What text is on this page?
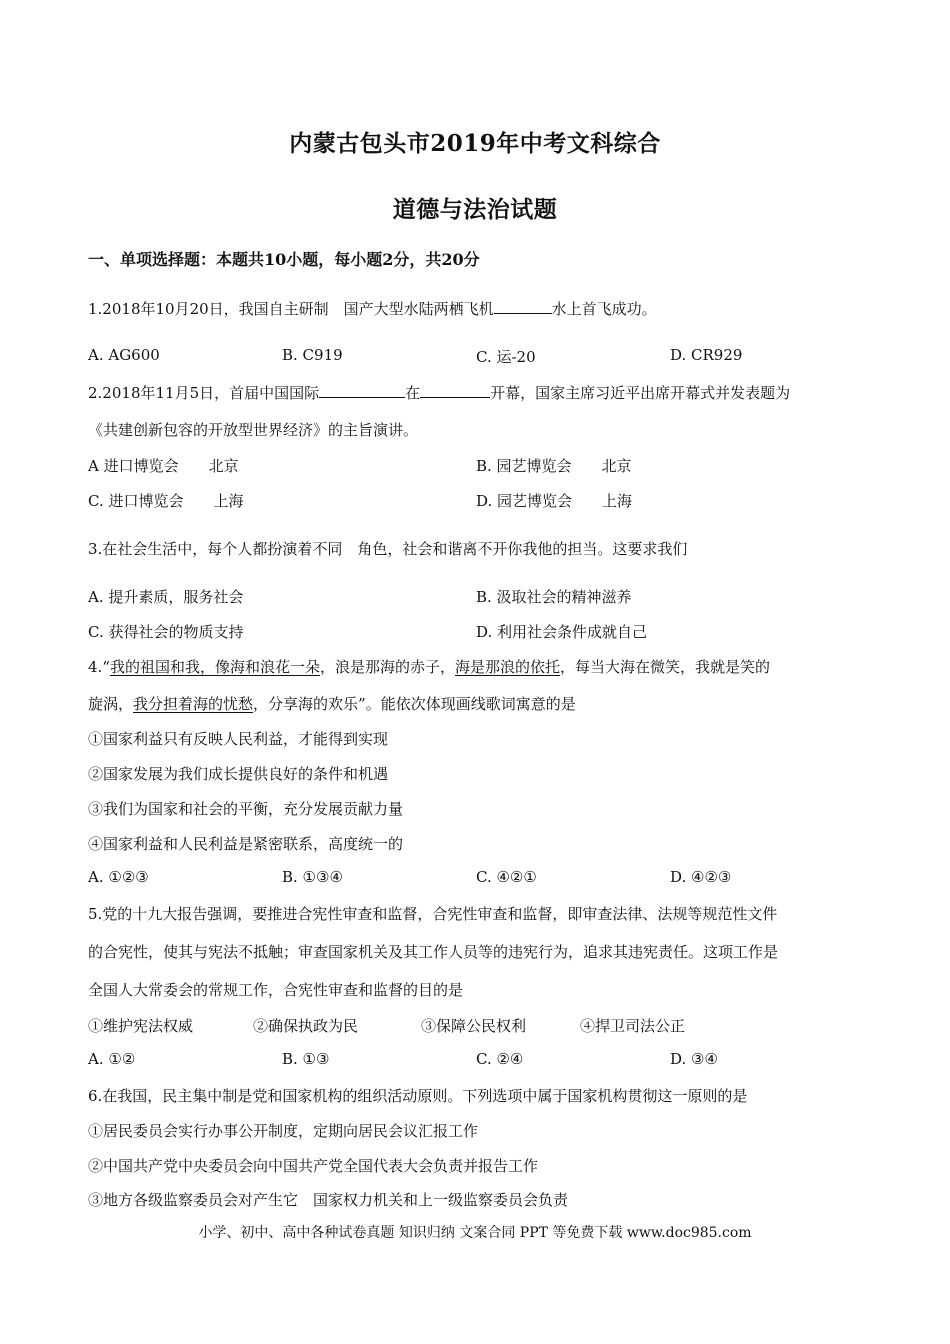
内蒙古包头市2019年中考文科综合
道德与法治试题
一、单项选择题：本题共10小题，每小题2分，共20分
1.2018年10月20日，我国自主研制　国产大型水陆两栖飞机	水上首飞成功。
A. AG600	B. C919	C. 运-20	D. CR929
2.2018年11月5日，首届中国国际	在	开幕，国家主席习近平出席开幕式并发表题为
《共建创新包容的开放型世界经济》的主旨演讲。
A 进口博览会　　北京	B. 园艺博览会　　北京
C. 进口博览会　　上海	D. 园艺博览会　　上海
3.在社会生活中，每个人都扮演着不同　角色，社会和谐离不开你我他的担当。这要求我们
A. 提升素质，服务社会	B. 汲取社会的精神滋养
C. 获得社会的物质支持	D. 利用社会条件成就自己
4.“我的祖国和我，像海和浪花一朵，浪是那海的赤子，海是那浪的依托，每当大海在微笑，我就是笑的
旋涡，我分担着海的忧愁，分享海的欢乐”。能依次体现画线歌词寓意的是
①国家利益只有反映人民利益，才能得到实现
②国家发展为我们成长提供良好的条件和机遇
③我们为国家和社会的平衡，充分发展贡献力量
④国家利益和人民利益是紧密联系，高度统一的
A. ①②③	B. ①③④	C. ④②①	D. ④②③
5.党的十九大报告强调，要推进合宪性审查和监督，合宪性审查和监督，即审查法律、法规等规范性文件
的合宪性，使其与宪法不抵触；审查国家机关及其工作人员等的违宪行为，追求其违宪责任。这项工作是
全国人大常委会的常规工作，合宪性审查和监督的目的是
①维护宪法权威	②确保执政为民	③保障公民权利	④捍卫司法公正
A. ①②	B. ①③	C. ②④	D. ③④
6.在我国，民主集中制是党和国家机构的组织活动原则。下列选项中属于国家机构贯彻这一原则的是
①居民委员会实行办事公开制度，定期向居民会议汇报工作
②中国共产党中央委员会向中国共产党全国代表大会负责并报告工作
③地方各级监察委员会对产生它　国家权力机关和上一级监察委员会负责
小学、初中、高中各种试卷真题 知识归纳 文案合同 PPT 等免费下载 www.doc985.com
